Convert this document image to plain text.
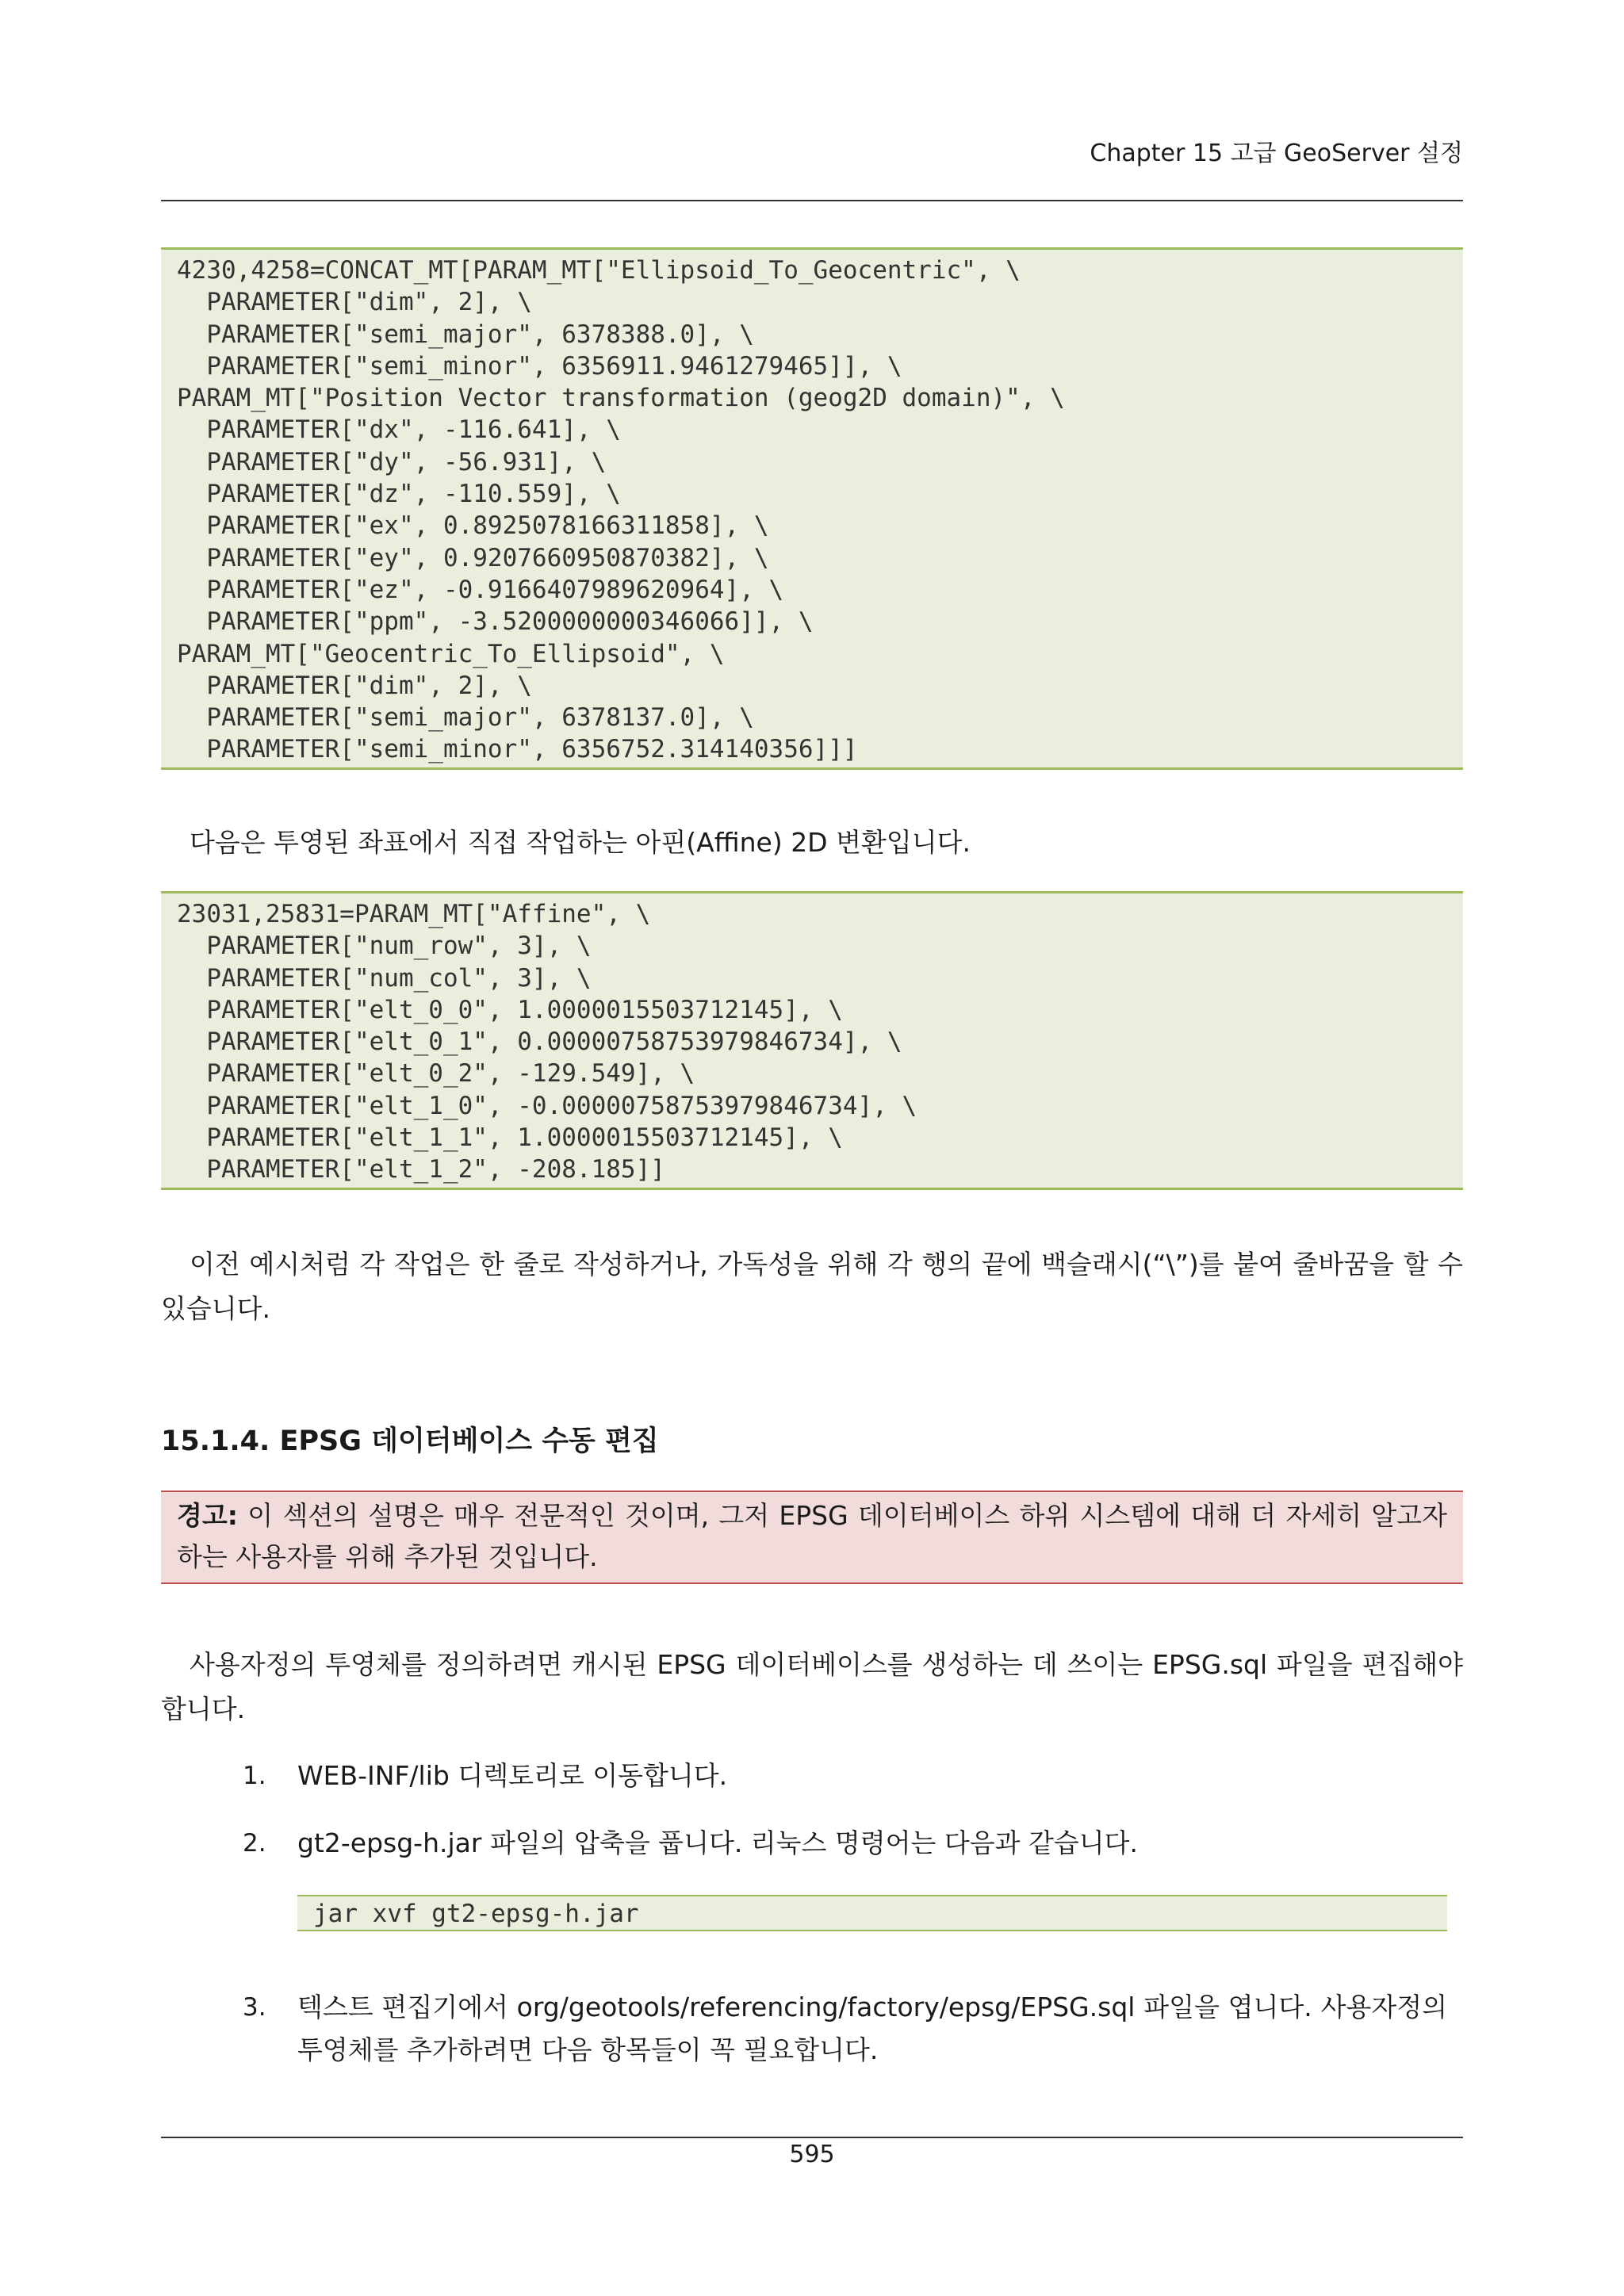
Chapter 15 고급 GeoServer 설정
4230,4258=CONCAT_MT[PARAM_MT["Ellipsoid_To_Geocentric", \
PARAMETER["dim", 2], \
PARAMETER["semi_major", 6378388.0], \
PARAMETER["semi_minor", 6356911.9461279465]], \
PARAM_MT["Position Vector transformation (geog2D domain)", \
PARAMETER["dx", -116.641], \
PARAMETER["dy", -56.931], \
PARAMETER["dz", -110.559], \
PARAMETER["ex", 0.8925078166311858], \
PARAMETER["ey", 0.9207660950870382], \
PARAMETER["ez", -0.9166407989620964], \
PARAMETER["ppm", -3.5200000000346066]], \
PARAM_MT["Geocentric_To_Ellipsoid", \
PARAMETER["dim", 2], \
PARAMETER["semi_major", 6378137.0], \
PARAMETER["semi_minor", 6356752.314140356]]]

다음은 투영된 좌표에서 직접 작업하는 아핀(Affine) 2D 변환입니다.

23031,25831=PARAM_MT["Affine", \
PARAMETER["num_row", 3], \
PARAMETER["num_col", 3], \
PARAMETER["elt_0_0", 1.0000015503712145], \
PARAMETER["elt_0_1", 0.00000758753979846734], \
PARAMETER["elt_0_2", -129.549], \
PARAMETER["elt_1_0", -0.00000758753979846734], \
PARAMETER["elt_1_1", 1.0000015503712145], \
PARAMETER["elt_1_2", -208.185]]

이전 예시처럼 각 작업은 한 줄로 작성하거나, 가독성을 위해 각 행의 끝에 백슬래시(“\”)를 붙여 줄바꿈을 할 수 있습니다.

15.1.4. EPSG 데이터베이스 수동 편집
경고: 이 섹션의 설명은 매우 전문적인 것이며, 그저 EPSG 데이터베이스 하위 시스템에 대해 더 자세히 알고자 하는 사용자를 위해 추가된 것입니다.

사용자정의 투영체를 정의하려면 캐시된 EPSG 데이터베이스를 생성하는 데 쓰이는 EPSG.sql 파일을 편집해야 합니다.

1. WEB-INF/lib 디렉토리로 이동합니다.

2. gt2-epsg-h.jar 파일의 압축을 풉니다. 리눅스 명령어는 다음과 같습니다.

jar xvf gt2-epsg-h.jar
3. 텍스트 편집기에서 org/geotools/referencing/factory/epsg/EPSG.sql 파일을 엽니다. 사용자정의 투영체를 추가하려면 다음 항목들이 꼭 필요합니다.

595
